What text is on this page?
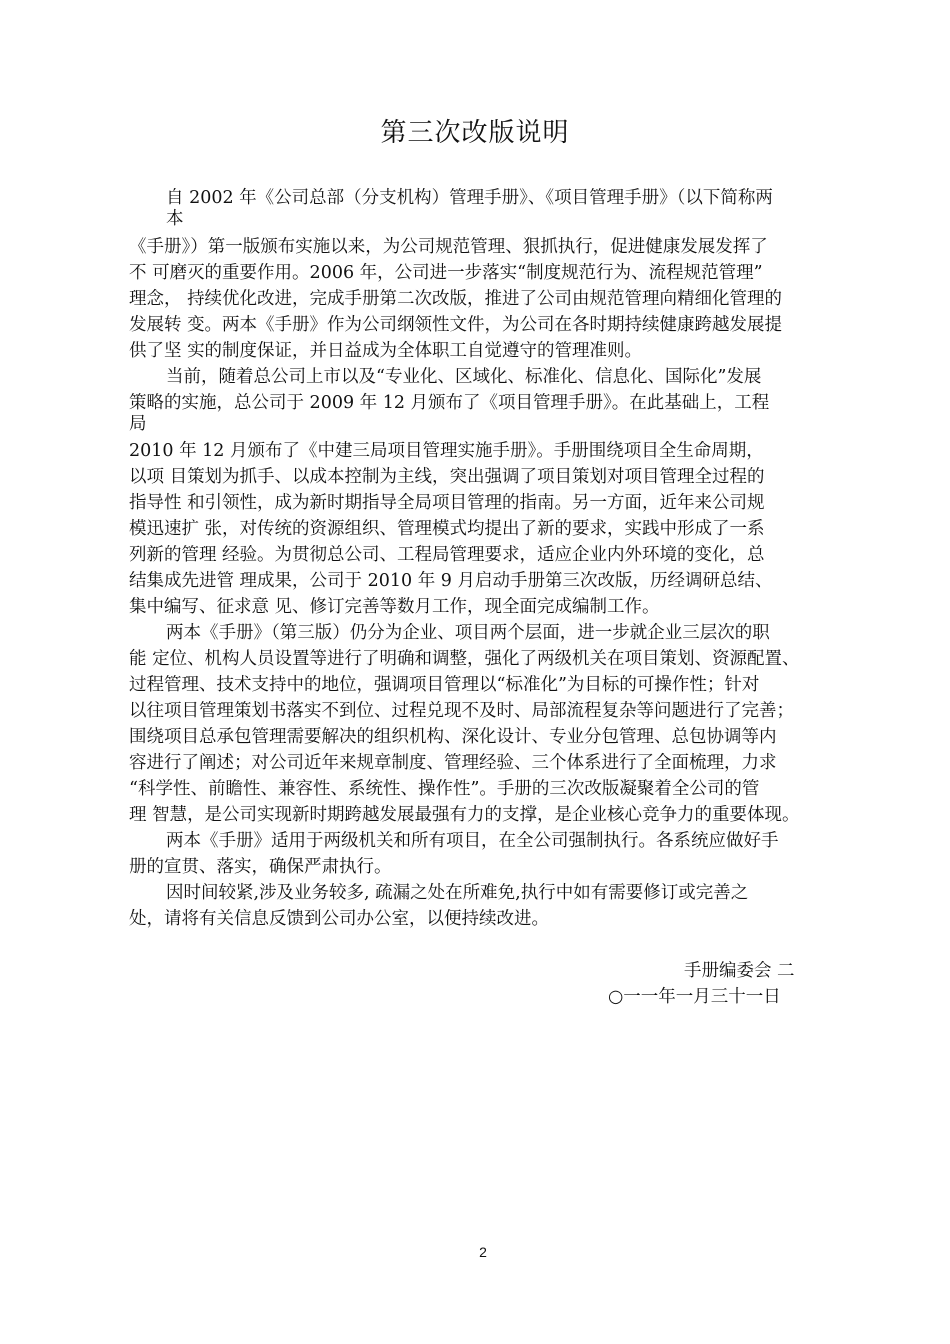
第三次改版说明
自 2002 年《公司总部（分支机构）管理手册》、《项目管理手册》（以下简称两
本
《手册》）第一版颁布实施以来，为公司规范管理、狠抓执行，促进健康发展发挥了
不 可磨灭的重要作用。2006 年，公司进一步落实“制度规范行为、流程规范管理”
理念， 持续优化改进，完成手册第二次改版，推进了公司由规范管理向精细化管理的
发展转 变。两本《手册》作为公司纲领性文件，为公司在各时期持续健康跨越发展提
供了坚 实的制度保证，并日益成为全体职工自觉遵守的管理准则。
当前，随着总公司上市以及“专业化、区域化、标准化、信息化、国际化”发展
策略的实施，总公司于 2009 年 12 月颁布了《项目管理手册》。在此基础上，工程
局
2010 年 12 月颁布了《中建三局项目管理实施手册》。手册围绕项目全生命周期，
以项 目策划为抓手、以成本控制为主线，突出强调了项目策划对项目管理全过程的
指导性 和引领性，成为新时期指导全局项目管理的指南。另一方面，近年来公司规
模迅速扩 张，对传统的资源组织、管理模式均提出了新的要求，实践中形成了一系
列新的管理 经验。为贯彻总公司、工程局管理要求，适应企业内外环境的变化，总
结集成先进管 理成果，公司于 2010 年 9 月启动手册第三次改版，历经调研总结、
集中编写、征求意 见、修订完善等数月工作，现全面完成编制工作。
两本《手册》（第三版）仍分为企业、项目两个层面，进一步就企业三层次的职
能 定位、机构人员设置等进行了明确和调整，强化了两级机关在项目策划、资源配置、
过程管理、技术支持中的地位，强调项目管理以“标准化”为目标的可操作性；针对
以往项目管理策划书落实不到位、过程兑现不及时、局部流程复杂等问题进行了完善；
围绕项目总承包管理需要解决的组织机构、深化设计、专业分包管理、总包协调等内
容进行了阐述；对公司近年来规章制度、管理经验、三个体系进行了全面梳理，力求
“科学性、前瞻性、兼容性、系统性、操作性”。手册的三次改版凝聚着全公司的管
理 智慧，是公司实现新时期跨越发展最强有力的支撑，是企业核心竞争力的重要体现。
两本《手册》适用于两级机关和所有项目，在全公司强制执行。各系统应做好手
册的宣贯、落实，确保严肃执行。
因时间较紧,涉及业务较多, 疏漏之处在所难免,执行中如有需要修订或完善之
处，请将有关信息反馈到公司办公室，以便持续改进。
手册编委会 二
○一一年一月三十一日
2
